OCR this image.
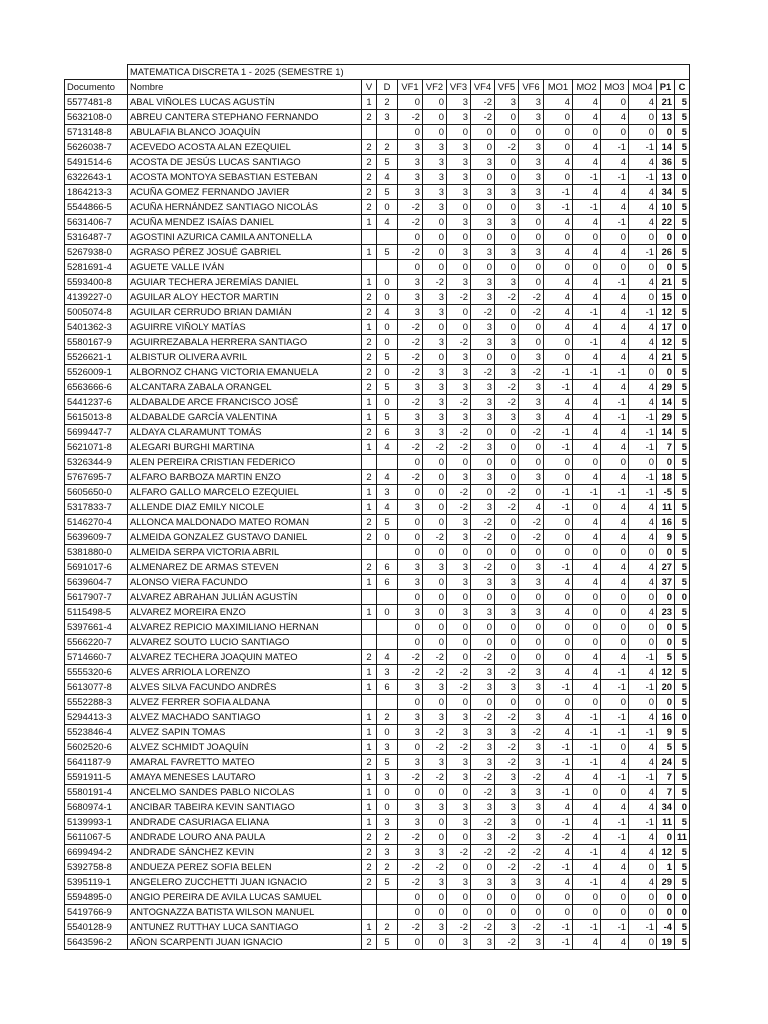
	MATEMATICA DISCRETA 1 - 2025 (SEMESTRE 1)														
Documento	Nombre	V	D	VF1	VF2	VF3	VF4	VF5	VF6	MO1	MO2	MO3	MO4	P1	C
5577481-8	ABAL VIÑOLES LUCAS AGUSTÍN	1	2	0	0	3	-2	3	3	4	4	0	4	21	5
5632108-0	ABREU CANTERA STEPHANO FERNANDO	2	3	-2	0	3	-2	0	3	0	4	4	0	13	5
5713148-8	ABULAFIA BLANCO JOAQUÍN			0	0	0	0	0	0	0	0	0	0	0	5
5626038-7	ACEVEDO ACOSTA ALAN EZEQUIEL	2	2	3	3	3	0	-2	3	0	4	-1	-1	14	5
5491514-6	ACOSTA DE JESÚS LUCAS SANTIAGO	2	5	3	3	3	3	0	3	4	4	4	4	36	5
6322643-1	ACOSTA MONTOYA SEBASTIAN ESTEBAN	2	4	3	3	3	0	0	3	0	-1	-1	-1	13	0
1864213-3	ACUÑA GOMEZ FERNANDO JAVIER	2	5	3	3	3	3	3	3	-1	4	4	4	34	5
5544866-5	ACUÑA HERNÁNDEZ SANTIAGO NICOLÁS	2	0	-2	3	0	0	0	3	-1	-1	4	4	10	5
5631406-7	ACUÑA MENDEZ ISAÍAS DANIEL	1	4	-2	0	3	3	3	0	4	4	-1	4	22	5
5316487-7	AGOSTINI AZURICA CAMILA ANTONELLA			0	0	0	0	0	0	0	0	0	0	0	0
5267938-0	AGRASO PÉREZ JOSUÉ GABRIEL	1	5	-2	0	3	3	3	3	4	4	4	-1	26	5
5281691-4	AGUETE VALLE IVÁN			0	0	0	0	0	0	0	0	0	0	0	5
5593400-8	AGUIAR TECHERA JEREMÍAS DANIEL	1	0	3	-2	3	3	3	0	4	4	-1	4	21	5
4139227-0	AGUILAR ALOY HECTOR MARTIN	2	0	3	3	-2	3	-2	-2	4	4	4	0	15	0
5005074-8	AGUILAR CERRUDO BRIAN DAMIÁN	2	4	3	3	0	-2	0	-2	4	-1	4	-1	12	5
5401362-3	AGUIRRE VIÑOLY MATÍAS	1	0	-2	0	0	3	0	0	4	4	4	4	17	0
5580167-9	AGUIRREZABALA HERRERA SANTIAGO	2	0	-2	3	-2	3	3	0	0	-1	4	4	12	5
5526621-1	ALBISTUR OLIVERA AVRIL	2	5	-2	0	3	0	0	3	0	4	4	4	21	5
5526009-1	ALBORNOZ CHANG VICTORIA EMANUELA	2	0	-2	3	3	-2	3	-2	-1	-1	-1	0	0	5
6563666-6	ALCANTARA ZABALA ORANGEL	2	5	3	3	3	3	-2	3	-1	4	4	4	29	5
5441237-6	ALDABALDE ARCE FRANCISCO JOSÉ	1	0	-2	3	-2	3	-2	3	4	4	-1	4	14	5
5615013-8	ALDABALDE GARCÍA VALENTINA	1	5	3	3	3	3	3	3	4	4	-1	-1	29	5
5699447-7	ALDAYA CLARAMUNT TOMÁS	2	6	3	3	-2	0	0	-2	-1	4	4	-1	14	5
5621071-8	ALEGARI BURGHI MARTINA	1	4	-2	-2	-2	3	0	0	-1	4	4	-1	7	5
5326344-9	ALEN PEREIRA CRISTIAN FEDERICO			0	0	0	0	0	0	0	0	0	0	0	5
5767695-7	ALFARO BARBOZA MARTIN ENZO	2	4	-2	0	3	3	0	3	0	4	4	-1	18	5
5605650-0	ALFARO GALLO MARCELO EZEQUIEL	1	3	0	0	-2	0	-2	0	-1	-1	-1	-1	-5	5
5317833-7	ALLENDE DIAZ EMILY NICOLE	1	4	3	0	-2	3	-2	4	-1	0	4	4	11	5
5146270-4	ALLONCA MALDONADO MATEO ROMAN	2	5	0	0	3	-2	0	-2	0	4	4	4	16	5
5639609-7	ALMEIDA GONZALEZ GUSTAVO DANIEL	2	0	0	-2	3	-2	0	-2	0	4	4	4	9	5
5381880-0	ALMEIDA SERPA VICTORIA ABRIL			0	0	0	0	0	0	0	0	0	0	0	5
5691017-6	ALMENAREZ DE ARMAS STEVEN	2	6	3	3	3	-2	0	3	-1	4	4	4	27	5
5639604-7	ALONSO VIERA FACUNDO	1	6	3	0	3	3	3	3	4	4	4	4	37	5
5617907-7	ALVAREZ ABRAHAN JULIÁN AGUSTÍN			0	0	0	0	0	0	0	0	0	0	0	0
5115498-5	ALVAREZ MOREIRA ENZO	1	0	3	0	3	3	3	3	4	0	0	4	23	5
5397661-4	ALVAREZ REPICIO MAXIMILIANO HERNAN			0	0	0	0	0	0	0	0	0	0	0	5
5566220-7	ALVAREZ SOUTO LUCIO SANTIAGO			0	0	0	0	0	0	0	0	0	0	0	5
5714660-7	ALVAREZ TECHERA JOAQUIN MATEO	2	4	-2	-2	0	-2	0	0	0	4	4	-1	5	5
5555320-6	ALVES ARRIOLA LORENZO	1	3	-2	-2	-2	3	-2	3	4	4	-1	4	12	5
5613077-8	ALVES SILVA FACUNDO ANDRÉS	1	6	3	3	-2	3	3	3	-1	4	-1	-1	20	5
5552288-3	ALVEZ FERRER SOFIA ALDANA			0	0	0	0	0	0	0	0	0	0	0	5
5294413-3	ALVEZ MACHADO SANTIAGO	1	2	3	3	3	-2	-2	3	4	-1	-1	4	16	0
5523846-4	ALVEZ SAPIN TOMAS	1	0	3	-2	3	3	3	-2	4	-1	-1	-1	9	5
5602520-6	ALVEZ SCHMIDT JOAQUÍN	1	3	0	-2	-2	3	-2	3	-1	-1	0	4	5	5
5641187-9	AMARAL FAVRETTO MATEO	2	5	3	3	3	3	-2	3	-1	-1	4	4	24	5
5591911-5	AMAYA MENESES LAUTARO	1	3	-2	-2	3	-2	3	-2	4	4	-1	-1	7	5
5580191-4	ANCELMO SANDES PABLO NICOLAS	1	0	0	0	0	-2	3	3	-1	0	0	4	7	5
5680974-1	ANCIBAR TABEIRA KEVIN SANTIAGO	1	0	3	3	3	3	3	3	4	4	4	4	34	0
5139993-1	ANDRADE CASURIAGA ELIANA	1	3	3	0	3	-2	3	0	-1	4	-1	-1	11	5
5611067-5	ANDRADE LOURO ANA PAULA	2	2	-2	0	0	3	-2	3	-2	4	-1	4	0	11
6699494-2	ANDRADE SÁNCHEZ KEVIN	2	3	3	3	-2	-2	-2	-2	4	-1	4	4	12	5
5392758-8	ANDUEZA PEREZ SOFIA BELEN	2	2	-2	-2	0	0	-2	-2	-1	4	4	0	1	5
5395119-1	ANGELERO ZUCCHETTI JUAN IGNACIO	2	5	-2	3	3	3	3	3	4	-1	4	4	29	5
5594895-0	ANGIO PEREIRA DE AVILA LUCAS SAMUEL			0	0	0	0	0	0	0	0	0	0	0	0
5419766-9	ANTOGNAZZA BATISTA WILSON MANUEL			0	0	0	0	0	0	0	0	0	0	0	0
5540128-9	ANTUNEZ RUTTHAY LUCA SANTIAGO	1	2	-2	3	-2	-2	3	-2	-1	-1	-1	-1	-4	5
5643596-2	AÑON SCARPENTI JUAN IGNACIO	2	5	0	0	3	3	-2	3	-1	4	4	0	19	5
